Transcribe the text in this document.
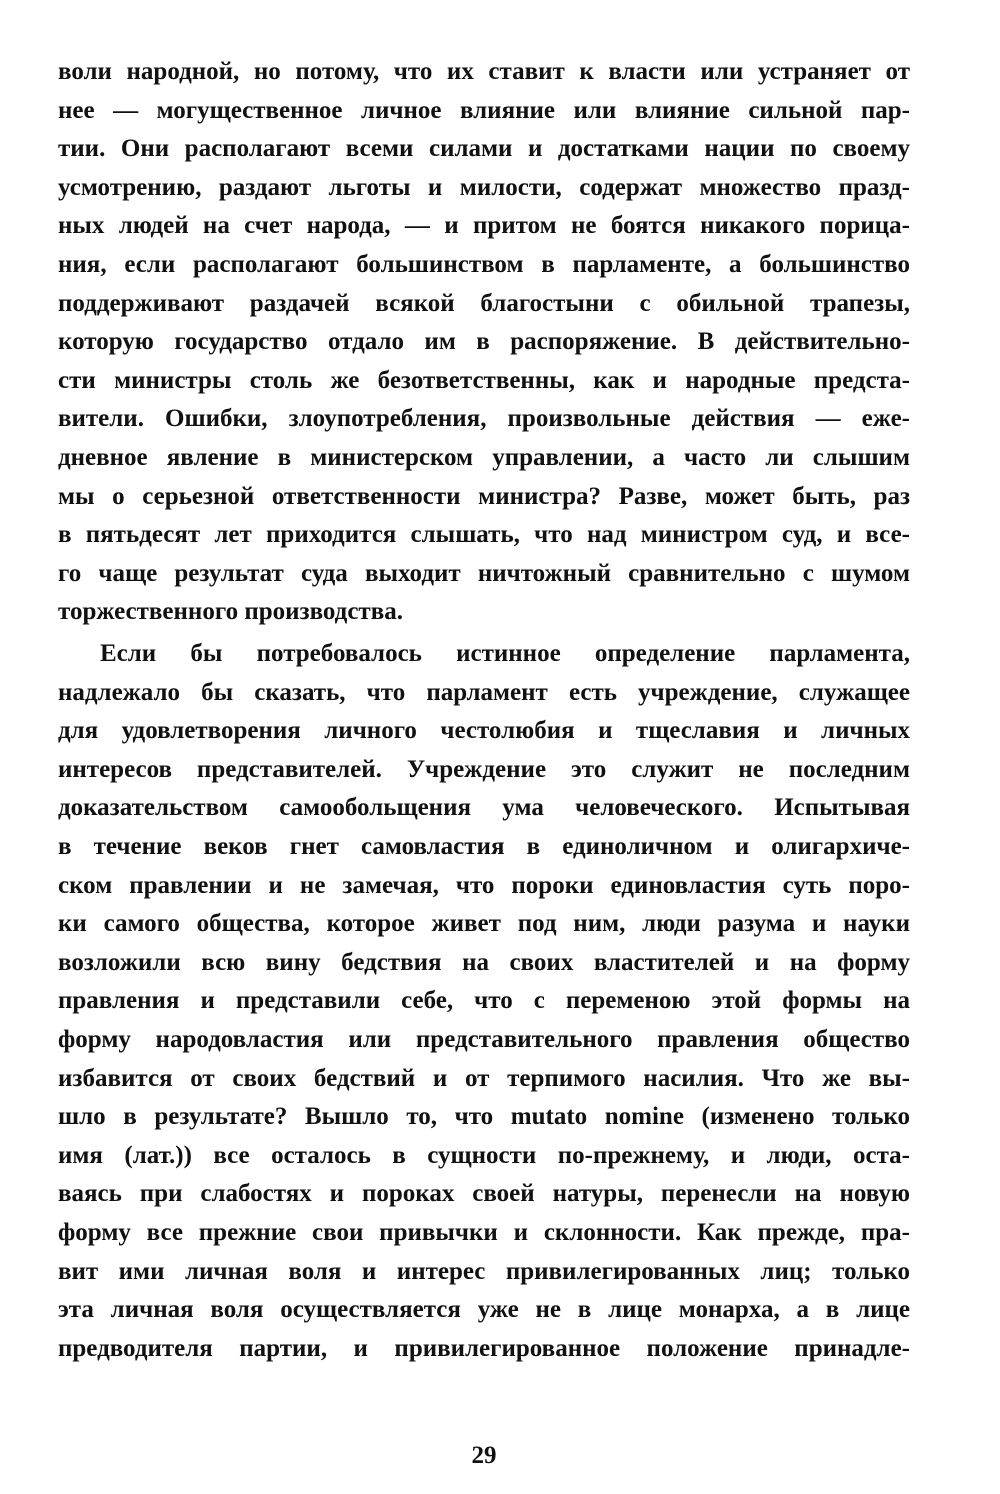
воли народной, но потому, что их ставит к власти или устраняет от
нее — могущественное личное влияние или влияние сильной пар-
тии. Они располагают всеми силами и достатками нации по своему
усмотрению, раздают льготы и милости, содержат множество празд-
ных людей на счет народа, — и притом не боятся никакого порица-
ния, если располагают большинством в парламенте, а большинство
поддерживают раздачей всякой благостыни с обильной трапезы,
которую государство отдало им в распоряжение. В действительно-
сти министры столь же безответственны, как и народные предста-
вители. Ошибки, злоупотребления, произвольные действия — еже-
дневное явление в министерском управлении, а часто ли слышим
мы о серьезной ответственности министра? Разве, может быть, раз
в пятьдесят лет приходится слышать, что над министром суд, и все-
го чаще результат суда выходит ничтожный сравнительно с шумом
торжественного производства.
Если бы потребовалось истинное определение парламента,
надлежало бы сказать, что парламент есть учреждение, служащее
для удовлетворения личного честолюбия и тщеславия и личных
интересов представителей. Учреждение это служит не последним
доказательством самообольщения ума человеческого. Испытывая
в течение веков гнет самовластия в единоличном и олигархиче-
ском правлении и не замечая, что пороки единовластия суть поро-
ки самого общества, которое живет под ним, люди разума и науки
возложили всю вину бедствия на своих властителей и на форму
правления и представили себе, что с переменою этой формы на
форму народовластия или представительного правления общество
избавится от своих бедствий и от терпимого насилия. Что же вы-
шло в результате? Вышло то, что mutato nomine (изменено только
имя (лат.)) все осталось в сущности по-прежнему, и люди, оста-
ваясь при слабостях и пороках своей натуры, перенесли на новую
форму все прежние свои привычки и склонности. Как прежде, пра-
вит ими личная воля и интерес привилегированных лиц; только
эта личная воля осуществляется уже не в лице монарха, а в лице
предводителя партии, и привилегированное положение принадле-
29
